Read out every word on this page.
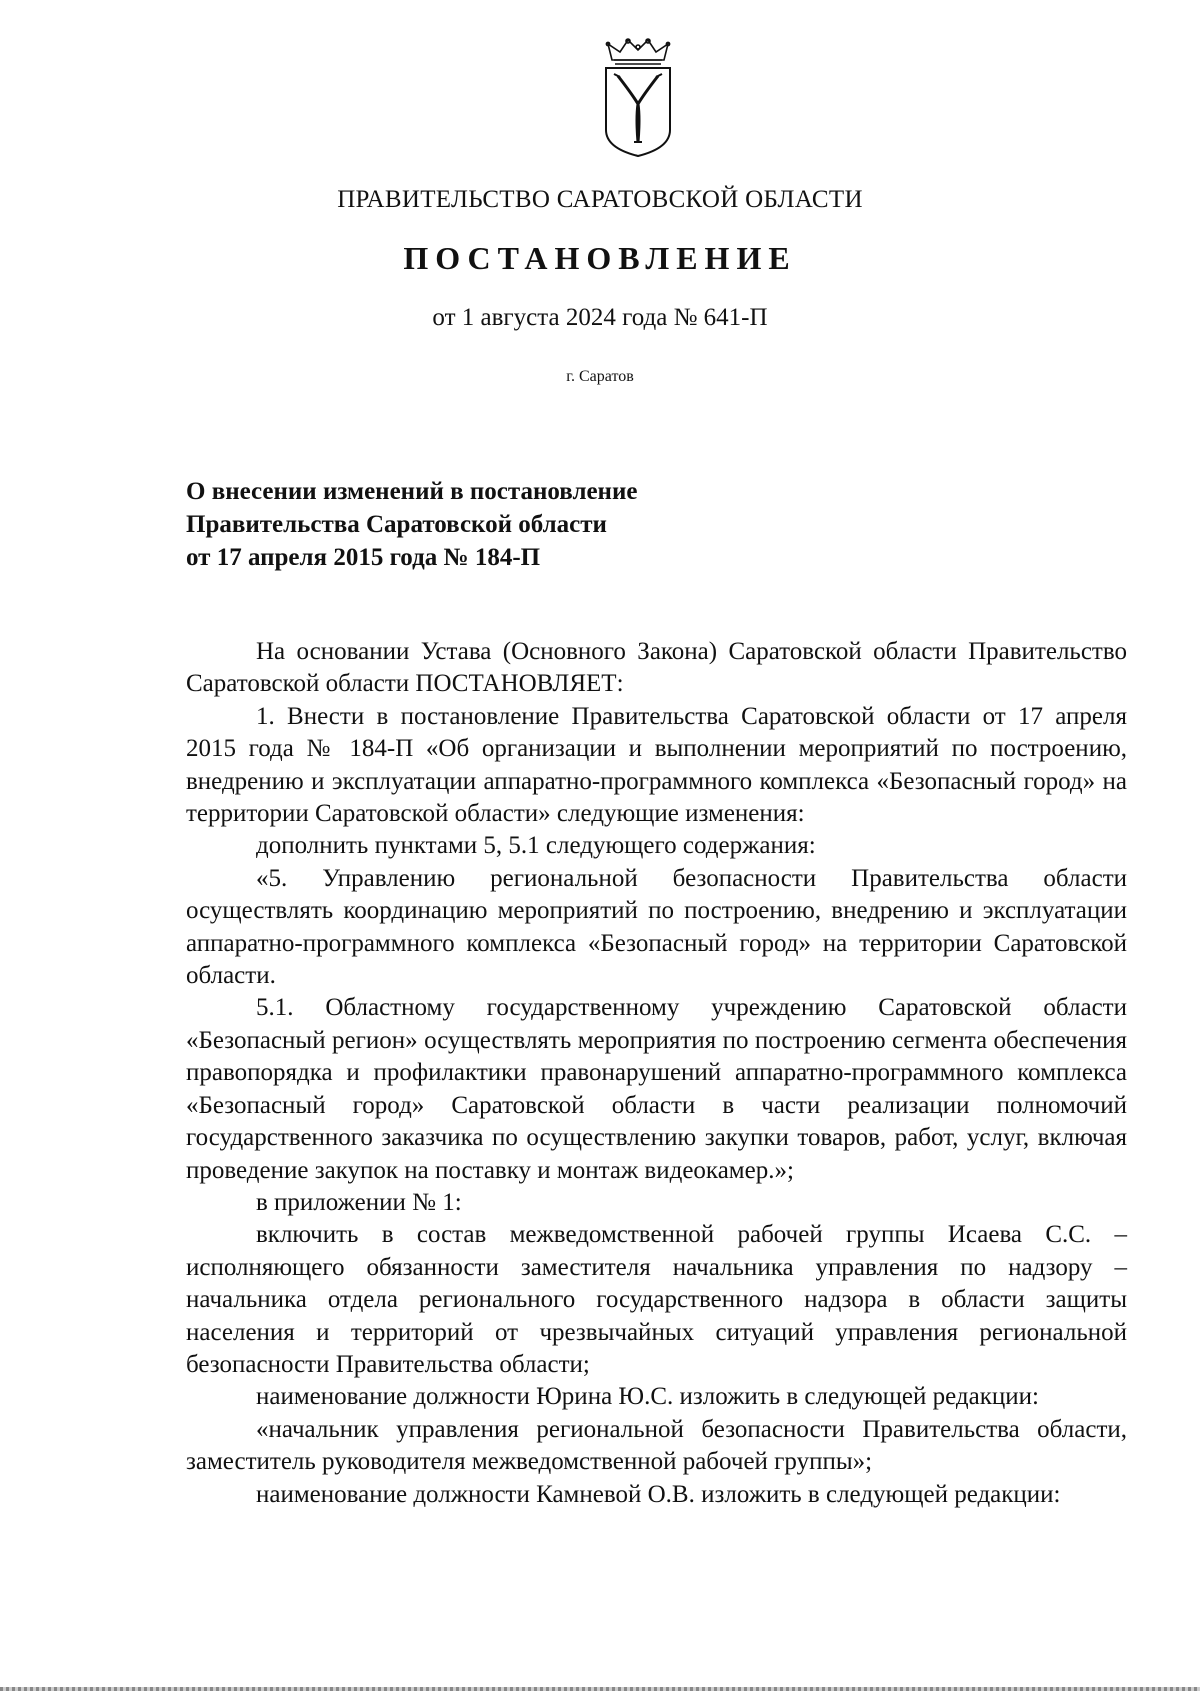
ПРАВИТЕЛЬСТВО САРАТОВСКОЙ ОБЛАСТИ
ПОСТАНОВЛЕНИЕ
от 1 августа 2024 года № 641-П
г. Саратов
О внесении изменений в постановление
Правительства Саратовской области
от 17 апреля 2015 года № 184-П

На основании Устава (Основного Закона) Саратовской области Правительство Саратовской области ПОСТАНОВЛЯЕТ:

1. Внести в постановление Правительства Саратовской области от 17 апреля 2015 года № 184-П «Об организации и выполнении мероприятий по построению, внедрению и эксплуатации аппаратно-программного комплекса «Безопасный город» на территории Саратовской области» следующие изменения:

дополнить пунктами 5, 5.1 следующего содержания:

«5. Управлению региональной безопасности Правительства области осуществлять координацию мероприятий по построению, внедрению и эксплуатации аппаратно-программного комплекса «Безопасный город» на территории Саратовской области.

5.1. Областному государственному учреждению Саратовской области «Безопасный регион» осуществлять мероприятия по построению сегмента обеспечения правопорядка и профилактики правонарушений аппаратно-программного комплекса «Безопасный город» Саратовской области в части реализации полномочий государственного заказчика по осуществлению закупки товаров, работ, услуг, включая проведение закупок на поставку и монтаж видеокамер.»;

в приложении № 1:

включить в состав межведомственной рабочей группы Исаева С.С. – исполняющего обязанности заместителя начальника управления по надзору – начальника отдела регионального государственного надзора в области защиты населения и территорий от чрезвычайных ситуаций управления региональной безопасности Правительства области;

наименование должности Юрина Ю.С. изложить в следующей редакции:

«начальник управления региональной безопасности Правительства области, заместитель руководителя межведомственной рабочей группы»;

наименование должности Камневой О.В. изложить в следующей редакции:
